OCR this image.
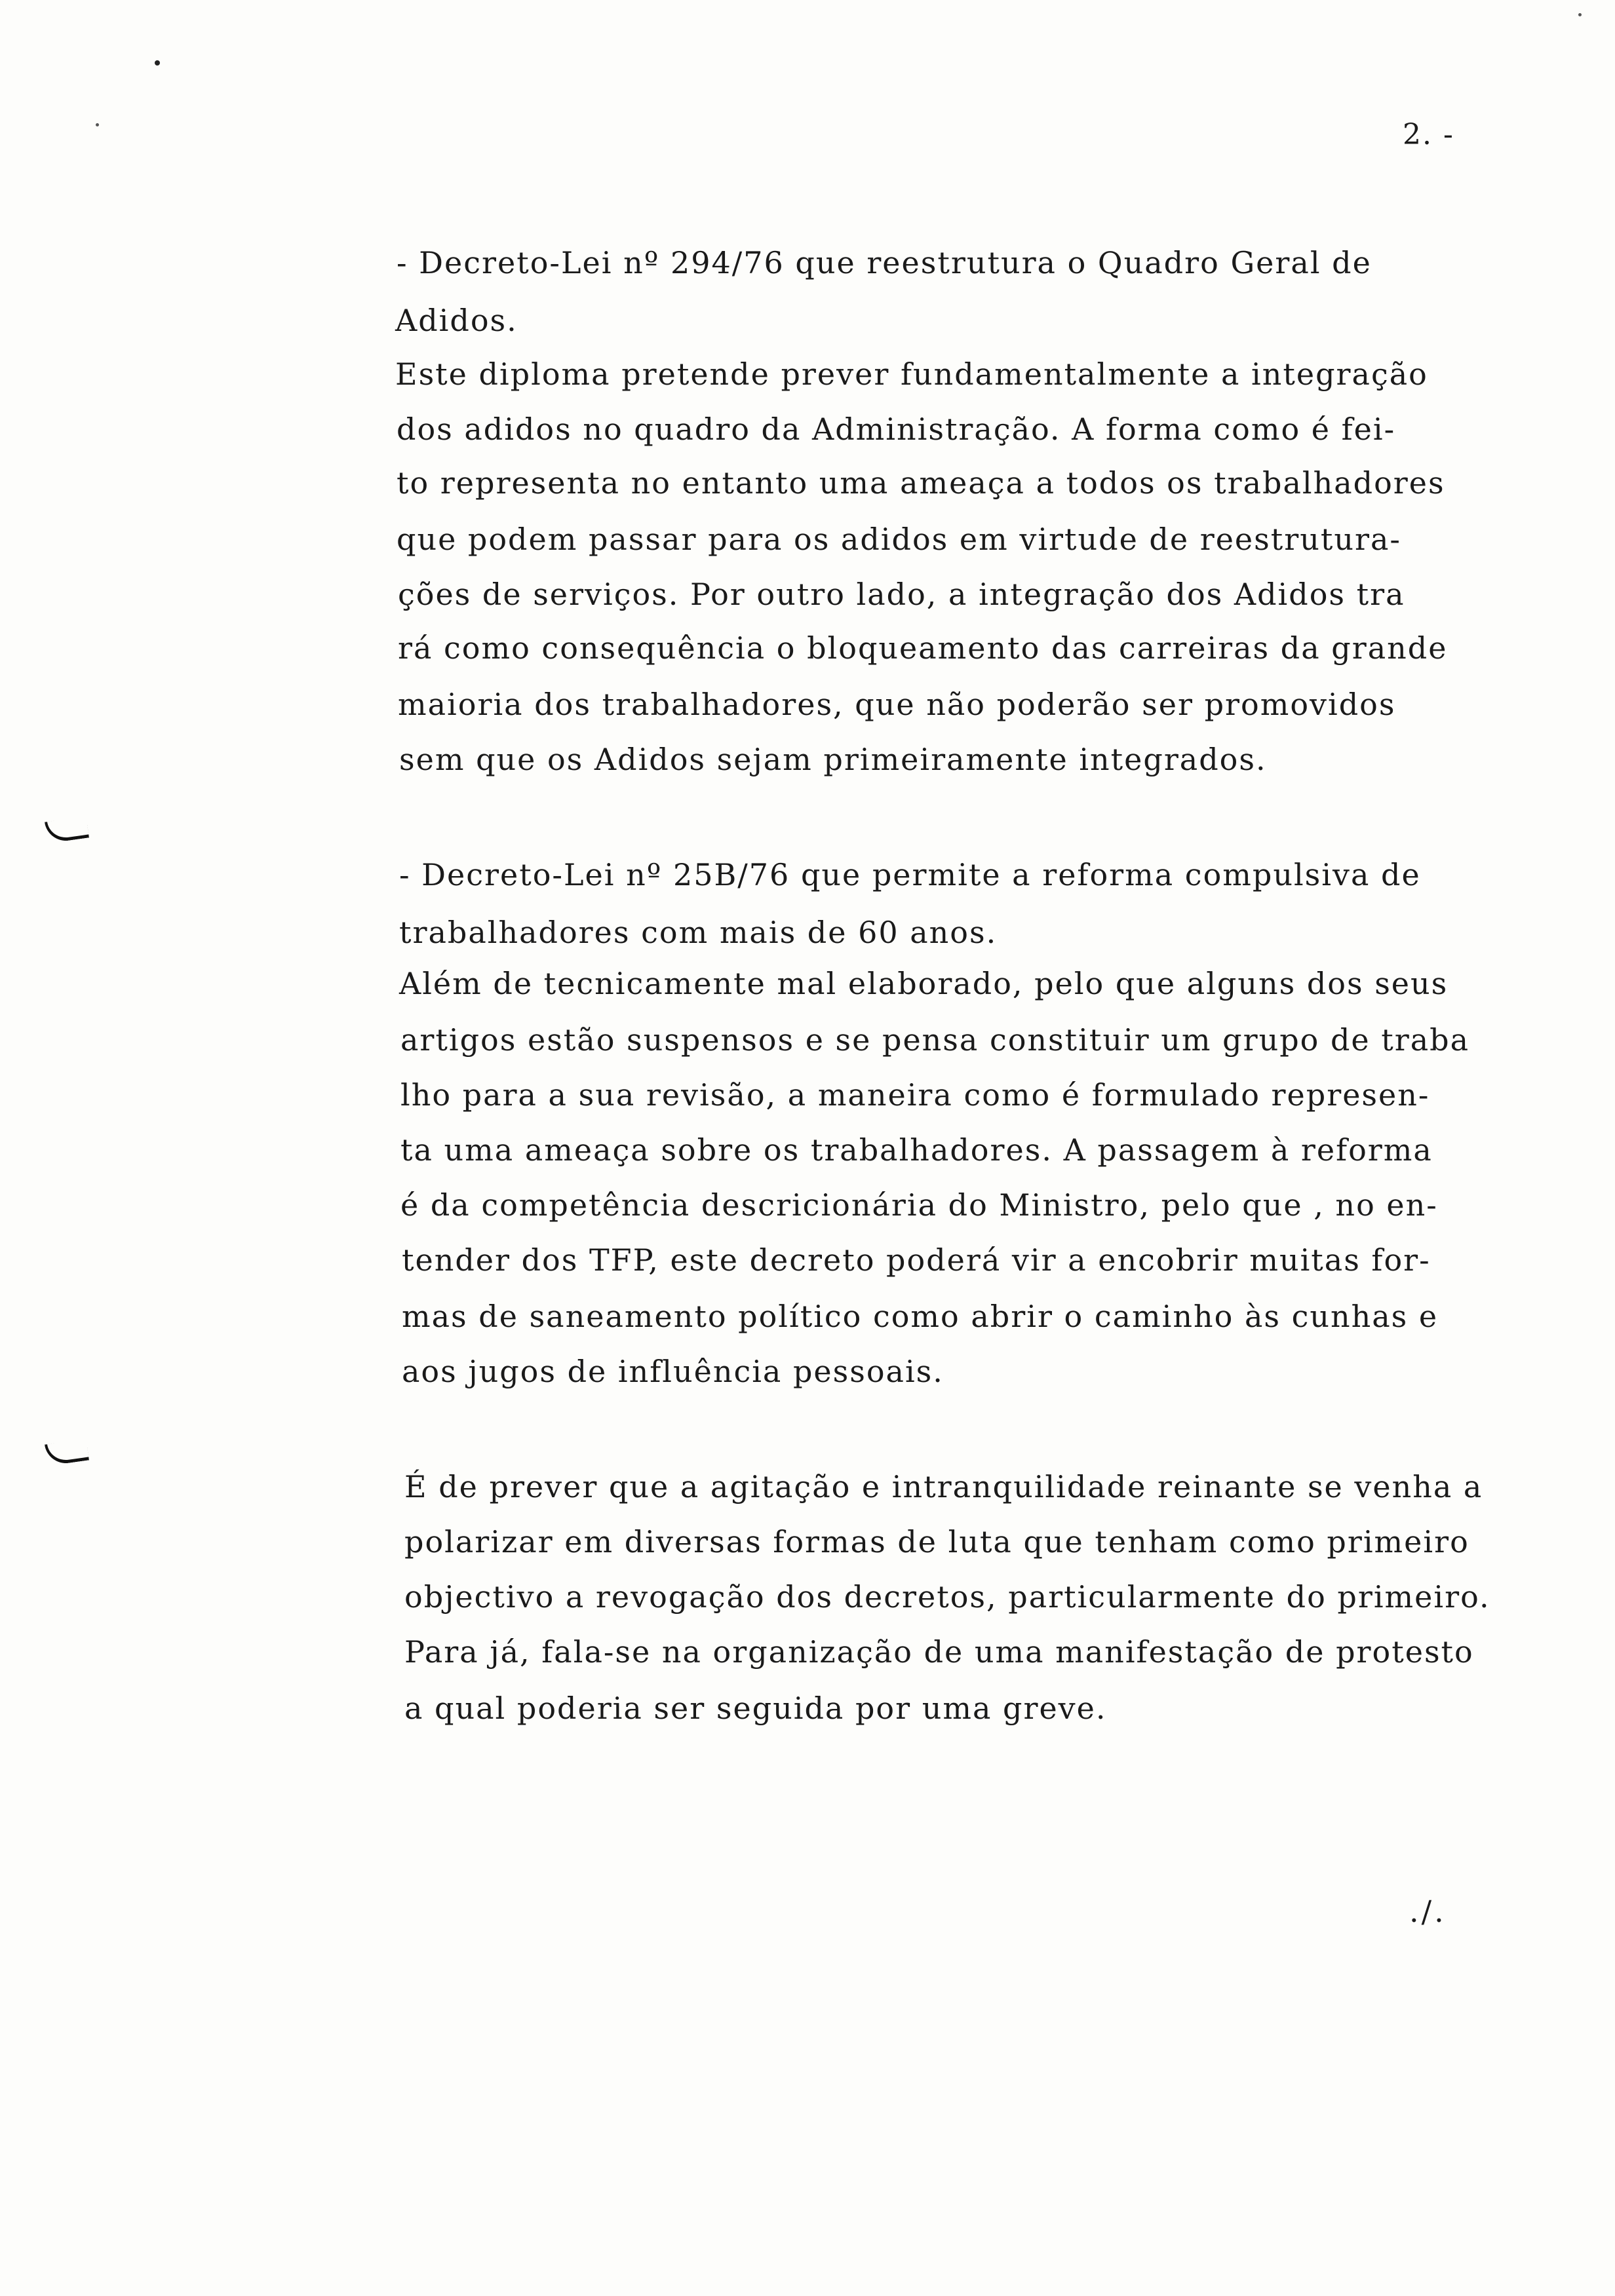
2. -
- Decreto-Lei nº 294/76 que reestrutura o Quadro Geral de
Adidos.
Este diploma pretende prever fundamentalmente a integração
dos adidos no quadro da Administração. A forma como é fei-
to representa no entanto uma ameaça a todos os trabalhadores
que podem passar para os adidos em virtude de reestrutura-
ções de serviços. Por outro lado, a integração dos Adidos tra
rá como consequência o bloqueamento das carreiras da grande
maioria dos trabalhadores, que não poderão ser promovidos
sem que os Adidos sejam primeiramente integrados.
- Decreto-Lei nº 25B/76 que permite a reforma compulsiva de
trabalhadores com mais de 60 anos.
Além de tecnicamente mal elaborado, pelo que alguns dos seus
artigos estão suspensos e se pensa constituir um grupo de traba
lho para a sua revisão, a maneira como é formulado represen-
ta uma ameaça sobre os trabalhadores. A passagem à reforma
é da competência descricionária do Ministro, pelo que , no en-
tender dos TFP, este decreto poderá vir a encobrir muitas for-
mas de saneamento político como abrir o caminho às cunhas e
aos jugos de influência pessoais.
É de prever que a agitação e intranquilidade reinante se venha a
polarizar em diversas formas de luta que tenham como primeiro
objectivo a revogação dos decretos, particularmente do primeiro.
Para já, fala-se na organização de uma manifestação de protesto
a qual poderia ser seguida por uma greve.
./.
